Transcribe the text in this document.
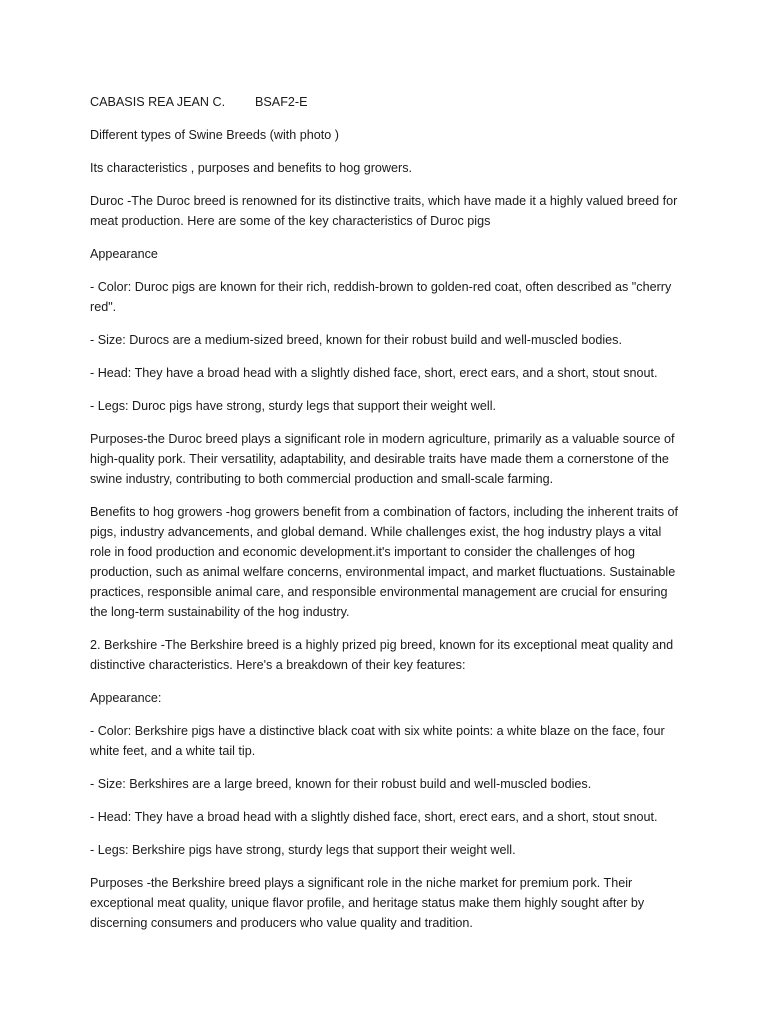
CABASIS REA JEAN C.	BSAF2-E

Different types of Swine Breeds (with photo )

Its characteristics , purposes and benefits to hog growers.

Duroc -The Duroc breed is renowned for its distinctive traits, which have made it a highly valued breed for meat production. Here are some of the key characteristics of Duroc pigs

Appearance

- Color: Duroc pigs are known for their rich, reddish-brown to golden-red coat, often described as "cherry red".

- Size: Durocs are a medium-sized breed, known for their robust build and well-muscled bodies.

- Head: They have a broad head with a slightly dished face, short, erect ears, and a short, stout snout.

- Legs: Duroc pigs have strong, sturdy legs that support their weight well.

Purposes-the Duroc breed plays a significant role in modern agriculture, primarily as a valuable source of high-quality pork. Their versatility, adaptability, and desirable traits have made them a cornerstone of the swine industry, contributing to both commercial production and small-scale farming.

Benefits to hog growers -hog growers benefit from a combination of factors, including the inherent traits of pigs, industry advancements, and global demand. While challenges exist, the hog industry plays a vital role in food production and economic development.it's important to consider the challenges of hog production, such as animal welfare concerns, environmental impact, and market fluctuations. Sustainable practices, responsible animal care, and responsible environmental management are crucial for ensuring the long-term sustainability of the hog industry.

2. Berkshire -The Berkshire breed is a highly prized pig breed, known for its exceptional meat quality and distinctive characteristics. Here's a breakdown of their key features:

Appearance:

- Color: Berkshire pigs have a distinctive black coat with six white points: a white blaze on the face, four white feet, and a white tail tip.

- Size: Berkshires are a large breed, known for their robust build and well-muscled bodies.

- Head: They have a broad head with a slightly dished face, short, erect ears, and a short, stout snout.

- Legs: Berkshire pigs have strong, sturdy legs that support their weight well.

Purposes -the Berkshire breed plays a significant role in the niche market for premium pork. Their exceptional meat quality, unique flavor profile, and heritage status make them highly sought after by discerning consumers and producers who value quality and tradition.
